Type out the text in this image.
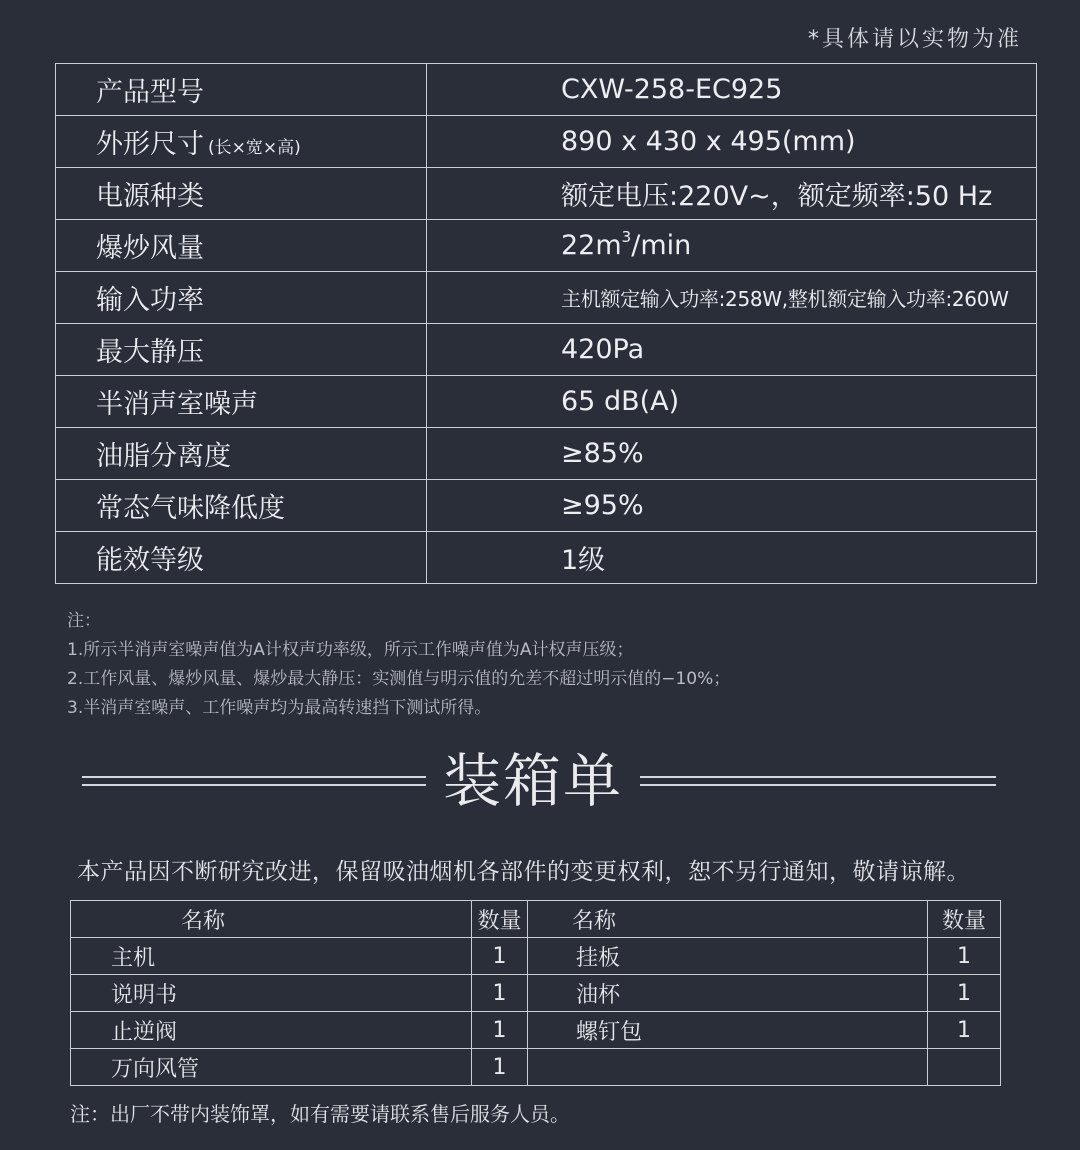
*具体请以实物为准
产品型号	CXW-258-EC925
外形尺寸 (长×宽×高)	890 x 430 x 495(mm)
电源种类	额定电压:220V~，额定频率:50 Hz
爆炒风量	$22m^3/\min$
输入功率	主机额定输入功率:258W,整机额定输入功率:260W
最大静压	420Pa
半消声室噪声	65 dB(A)
油脂分离度	≥85%
常态气味降低度	≥95%
能效等级	1级
注：
1.所示半消声室噪声值为A计权声功率级，所示工作噪声值为A计权声压级；
2.工作风量、爆炒风量、爆炒最大静压：实测值与明示值的允差不超过明示值的−10%；
3.半消声室噪声、工作噪声均为最高转速挡下测试所得。
装箱单
本产品因不断研究改进，保留吸油烟机各部件的变更权利，恕不另行通知，敬请谅解。
名称	数量	名称	数量
主机	1	挂板	1
说明书	1	油杯	1
止逆阀	1	螺钉包	1
万向风管	1		
注：出厂不带内装饰罩，如有需要请联系售后服务人员。
